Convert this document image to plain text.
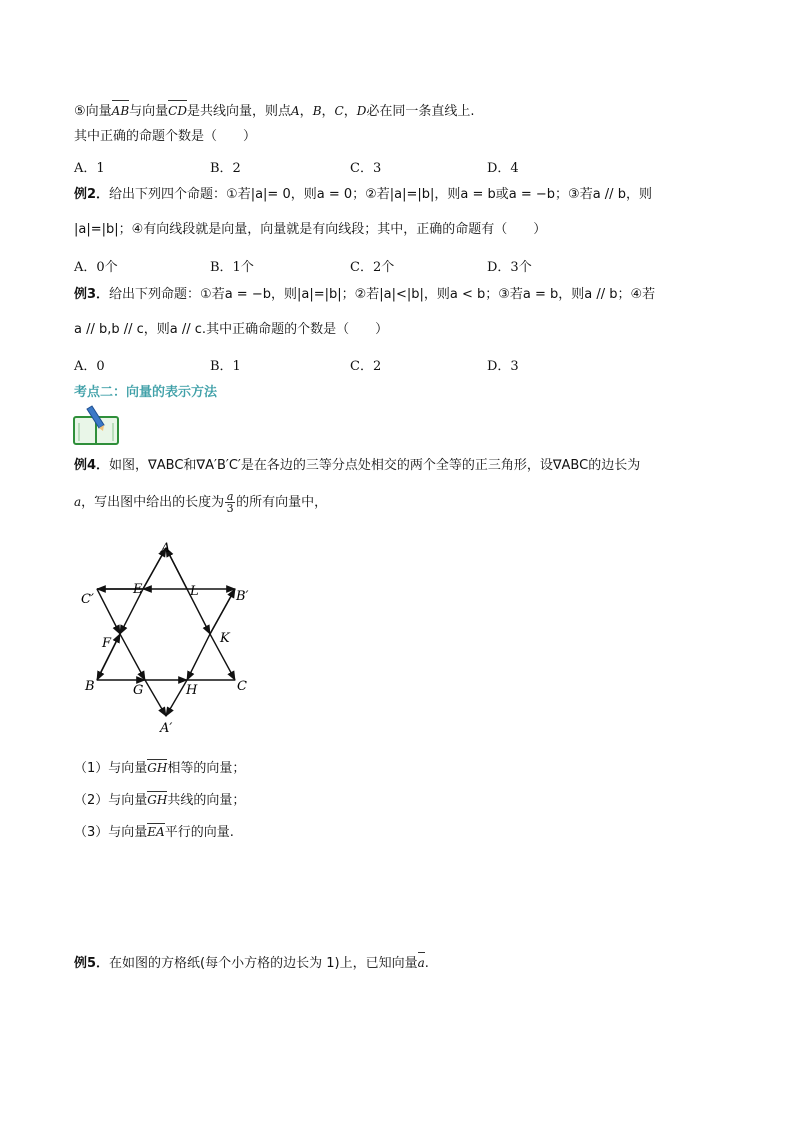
⑤向量AB与向量CD是共线向量，则点A，B，C，D必在同一条直线上.
其中正确的命题个数是（　　）
A．1	B．2	C．3	D．4
例2．给出下列四个命题：①若|a|= 0，则a = 0；②若|a|=|b|，则a = b或a = −b；③若a // b，则
|a|=|b|；④有向线段就是向量，向量就是有向线段；其中，正确的命题有（　　）
A．0个	B．1个	C．2个	D．3个
例3．给出下列命题：①若a = −b，则|a|=|b|；②若|a|<|b|，则a < b；③若a = b，则a // b；④若
a // b,b // c，则a // c.其中正确命题的个数是（　　）
A．0	B．1	C．2	D．3
考点二：向量的表示方法
例4．如图，∇ABC和∇A′B′C′是在各边的三等分点处相交的两个全等的正三角形，设∇ABC的边长为
a，写出图中给出的长度为 $\frac{a}{3}$ 的所有向量中，
A
A′
B
B′
C
C′
E	L
F	K
G	H
（1）与向量GH相等的向量；
（2）与向量GH共线的向量；
（3）与向量EA平行的向量.
例5．在如图的方格纸(每个小方格的边长为 1)上，已知向量a.
